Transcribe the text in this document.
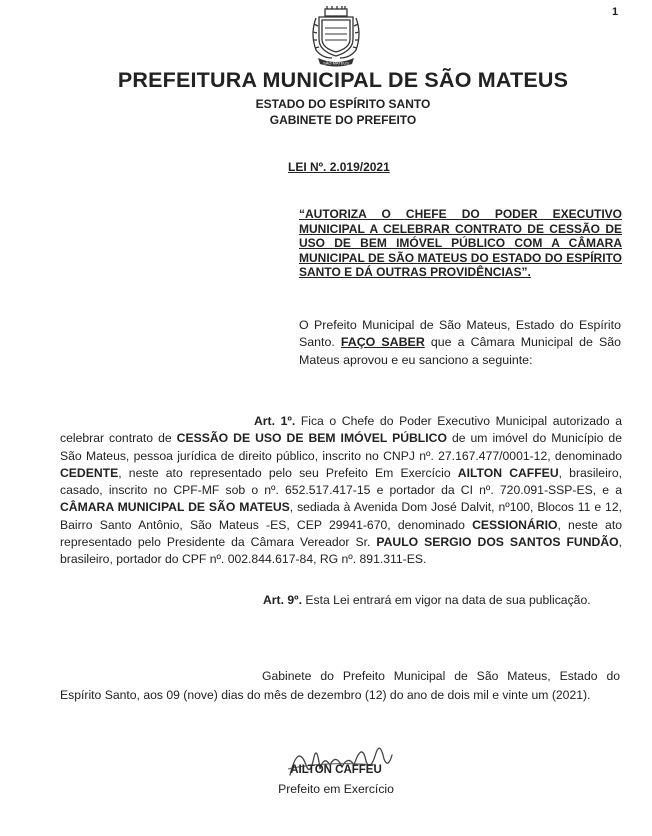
1
SÃO MATEUS
PREFEITURA MUNICIPAL DE SÃO MATEUS
ESTADO DO ESPÍRITO SANTO
GABINETE DO PREFEITO
LEI Nº. 2.019/2021
“AUTORIZA O CHEFE DO PODER EXECUTIVO MUNICIPAL A CELEBRAR CONTRATO DE CESSÃO DE USO DE BEM IMÓVEL PÚBLICO COM A CÂMARA MUNICIPAL DE SÃO MATEUS DO ESTADO DO ESPÍRITO SANTO E DÁ OUTRAS PROVIDÊNCIAS”.
O Prefeito Municipal de São Mateus, Estado do Espírito Santo. FAÇO SABER que a Câmara Municipal de São Mateus aprovou e eu sanciono a seguinte:
Art. 1º. Fica o Chefe do Poder Executivo Municipal autorizado a celebrar contrato de CESSÃO DE USO DE BEM IMÓVEL PÚBLICO de um imóvel do Município de São Mateus, pessoa jurídica de direito público, inscrito no CNPJ nº. 27.167.477/0001-12, denominado CEDENTE, neste ato representado pelo seu Prefeito Em Exercício AILTON CAFFEU, brasileiro, casado, inscrito no CPF-MF sob o nº. 652.517.417-15 e portador da CI nº. 720.091-SSP-ES, e a CÂMARA MUNICIPAL DE SÃO MATEUS, sediada à Avenida Dom José Dalvit, nº100, Blocos 11 e 12, Bairro Santo Antônio, São Mateus -ES, CEP 29941-670, denominado CESSIONÁRIO, neste ato representado pelo Presidente da Câmara Vereador Sr. PAULO SERGIO DOS SANTOS FUNDÃO, brasileiro, portador do CPF nº. 002.844.617-84, RG nº. 891.311-ES.
Art. 9º. Esta Lei entrará em vigor na data de sua publicação.
Gabinete do Prefeito Municipal de São Mateus, Estado do Espírito Santo, aos 09 (nove) dias do mês de dezembro (12) do ano de dois mil e vinte um (2021).
Ailton Caffeu
AILTON CAFFEU
Prefeito em Exercício
